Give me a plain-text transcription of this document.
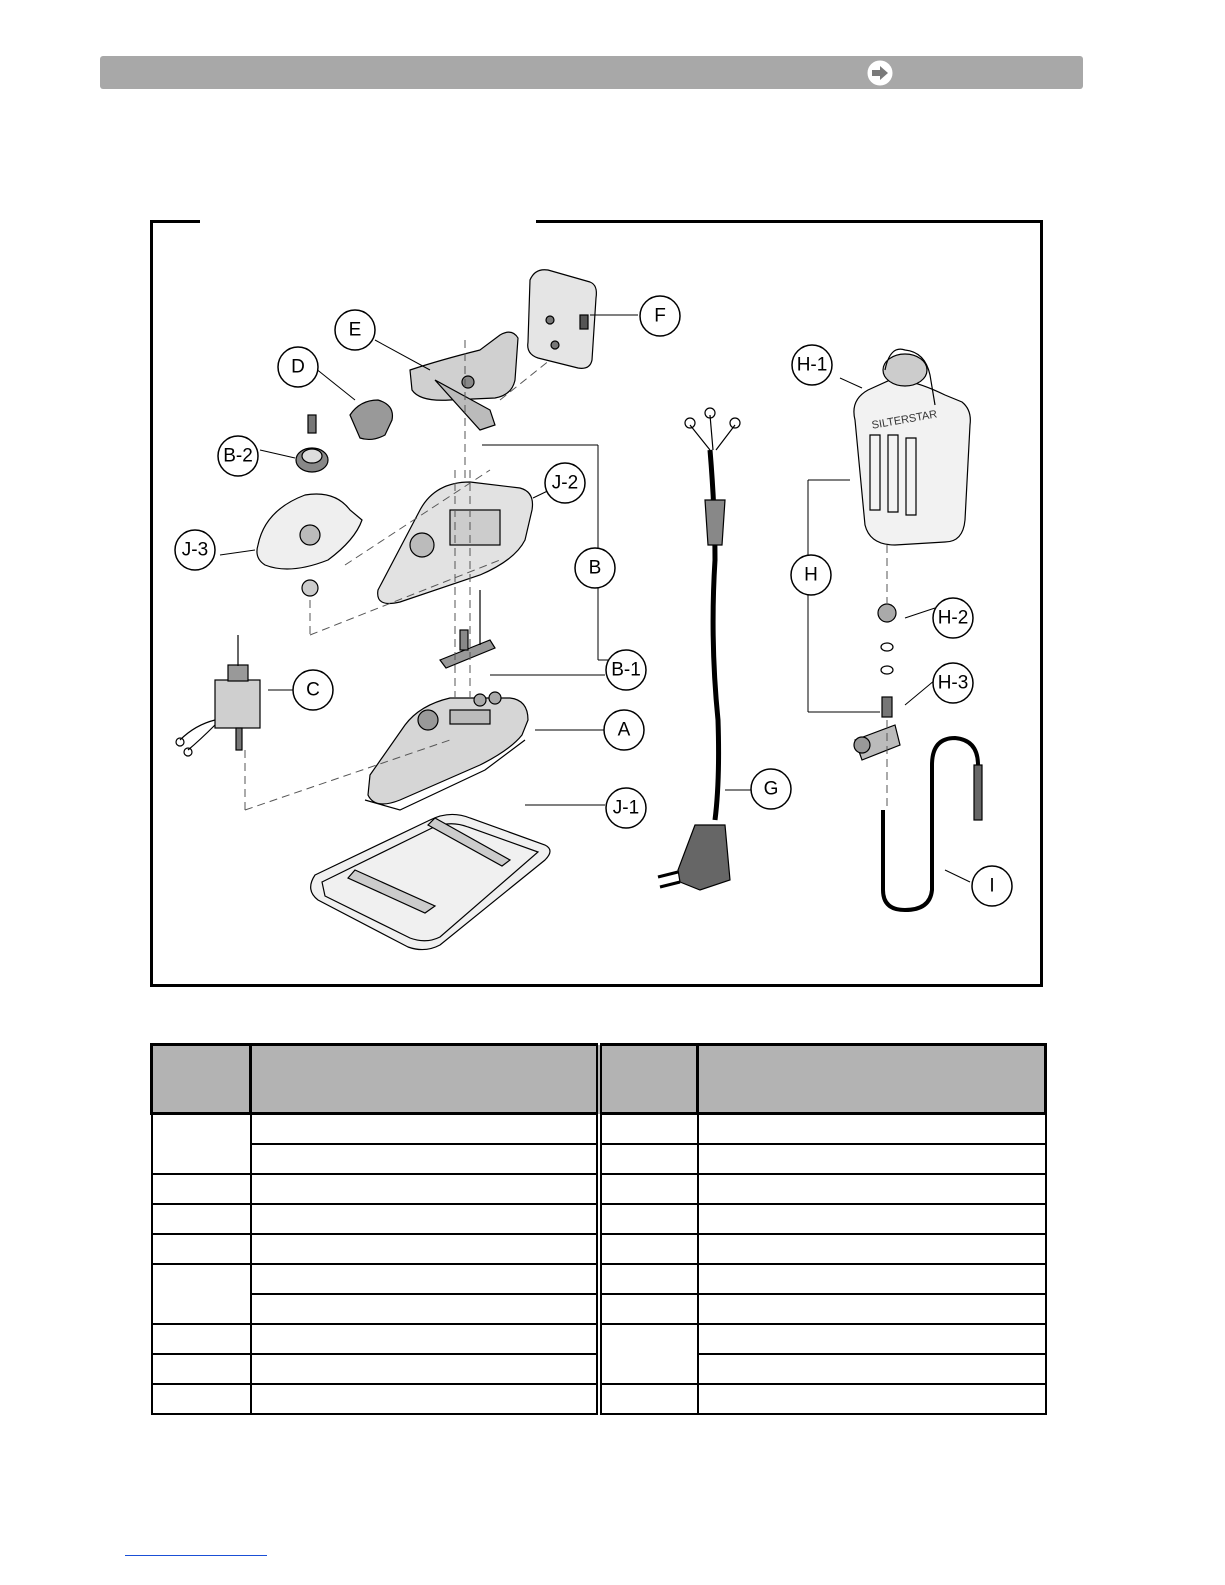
SILTERSTAR
A
B
B-1
B-2
C
D
E
F
G
H
H-1
H-2
H-3
I
J-1
J-2
J-3
